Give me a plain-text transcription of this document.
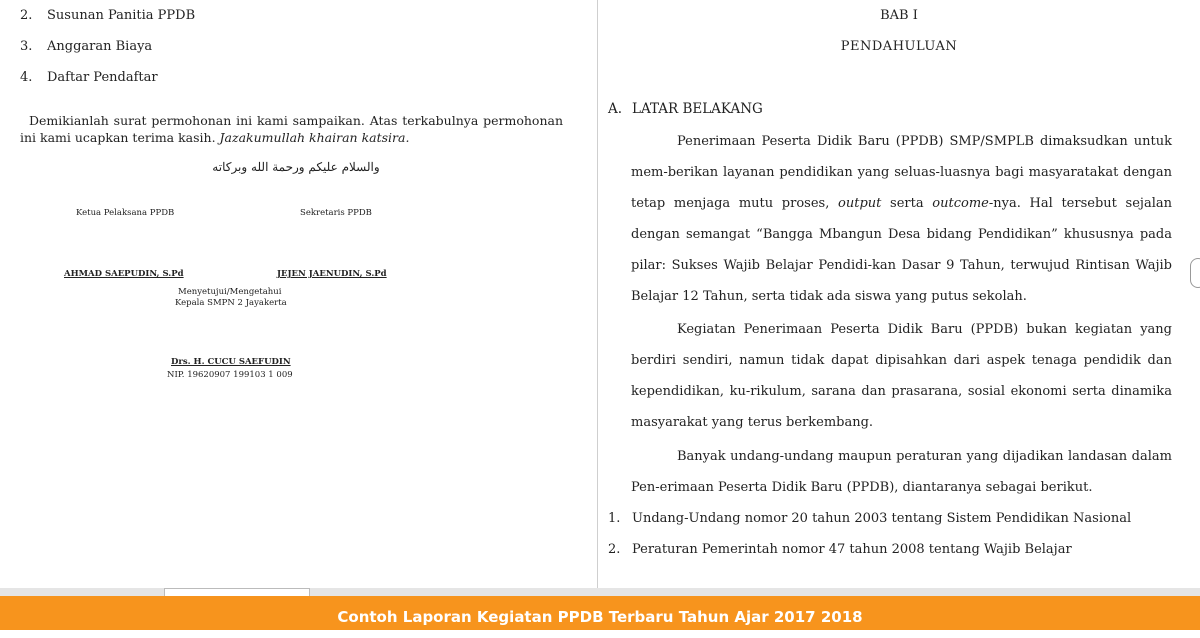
2. Susunan Panitia PPDB
3. Anggaran Biaya
4. Daftar Pendaftar
Demikianlah surat permohonan ini kami sampaikan. Atas terkabulnya permohonan ini kami ucapkan terima kasih. Jazakumullah khairan katsira.
والسلام عليكم ورحمة الله وبركاته
Ketua Pelaksana PPDB	Sekretaris PPDB
AHMAD SAEPUDIN, S.Pd	JEJEN JAENUDIN, S.Pd
Menyetujui/Mengetahui
Kepala SMPN 2 Jayakerta
Drs. H. CUCU SAEFUDIN
NIP. 19620907 199103 1 009
BAB I
PENDAHULUAN
A. LATAR BELAKANG
Penerimaan Peserta Didik Baru (PPDB) SMP/SMPLB dimaksudkan untuk mem-berikan layanan pendidikan yang seluas-luasnya bagi masyaratakat dengan tetap menjaga mutu proses, output serta outcome-nya. Hal tersebut sejalan dengan semangat “Bangga Mbangun Desa bidang Pendidikan” khususnya pada pilar: Sukses Wajib Belajar Pendidi-kan Dasar 9 Tahun, terwujud Rintisan Wajib Belajar 12 Tahun, serta tidak ada siswa yang putus sekolah.
Kegiatan Penerimaan Peserta Didik Baru (PPDB) bukan kegiatan yang berdiri sendiri, namun tidak dapat dipisahkan dari aspek tenaga pendidik dan kependidikan, ku-rikulum, sarana dan prasarana, sosial ekonomi serta dinamika masyarakat yang terus berkembang.
Banyak undang-undang maupun peraturan yang dijadikan landasan dalam Pen-erimaan Peserta Didik Baru (PPDB), diantaranya sebagai berikut.
1. Undang-Undang nomor 20 tahun 2003 tentang Sistem Pendidikan Nasional
2. Peraturan Pemerintah nomor 47 tahun 2008 tentang Wajib Belajar
Contoh Laporan Kegiatan PPDB Terbaru Tahun Ajar 2017 2018
